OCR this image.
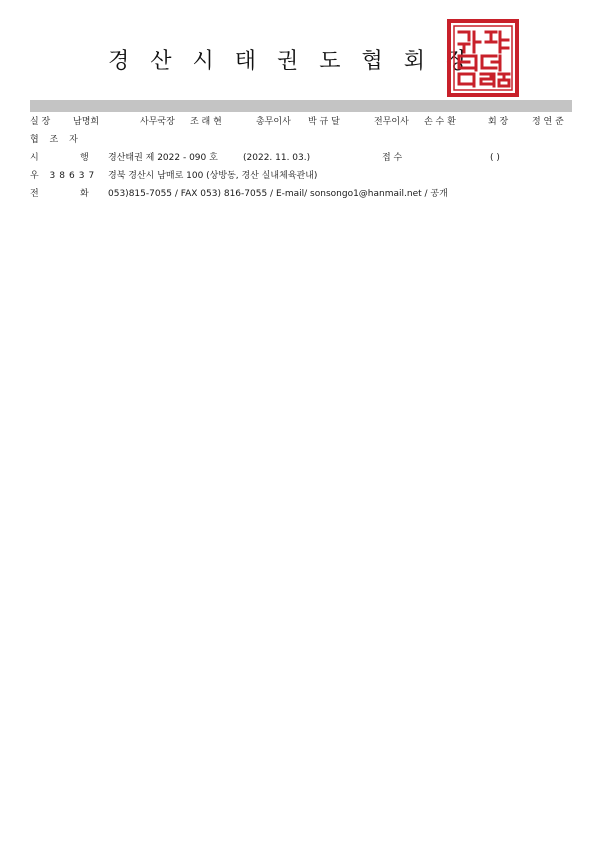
경산시태권도협회장
실 장	남명희	사무국장 조 래 현	총무이사 박 규 달	전무이사 손 수 환	회 장	정 연 준
협 조 자
시	행 경산태권 제 2022 - 090 호	(2022. 11. 03.)	접 수	( )
우 38637 경북 경산시 남매로 100 (상방동, 경산 실내체육관내)
전	화 053)815-7055 / FAX 053) 816-7055 / E-mail/ sonsongo1@hanmail.net / 공개
